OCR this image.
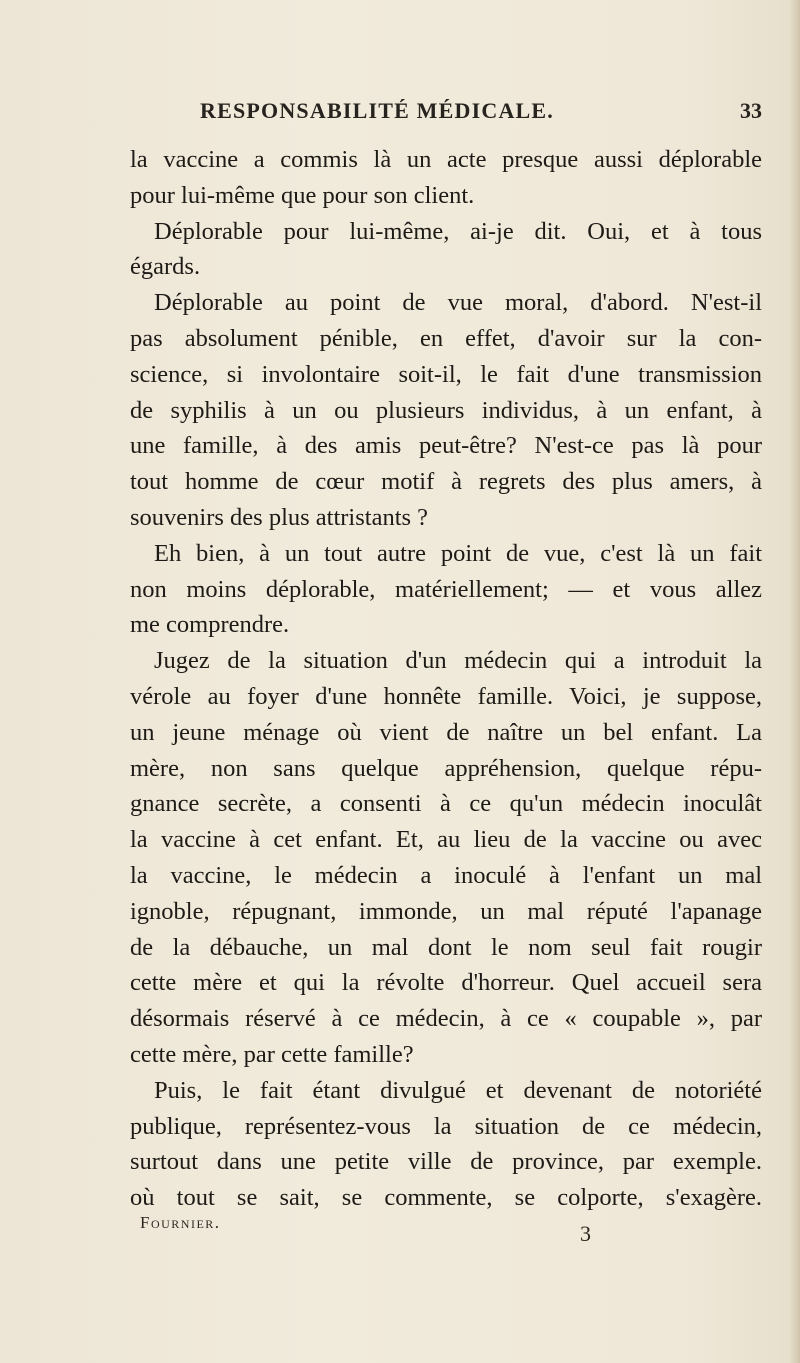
RESPONSABILITÉ MÉDICALE.	33
la vaccine a commis là un acte presque aussi déplorable
pour lui-même que pour son client.
Déplorable pour lui-même, ai-je dit. Oui, et à tous
égards.
Déplorable au point de vue moral, d'abord. N'est-il
pas absolument pénible, en effet, d'avoir sur la con-
science, si involontaire soit-il, le fait d'une transmission
de syphilis à un ou plusieurs individus, à un enfant, à
une famille, à des amis peut-être? N'est-ce pas là pour
tout homme de cœur motif à regrets des plus amers, à
souvenirs des plus attristants ?
Eh bien, à un tout autre point de vue, c'est là un fait
non moins déplorable, matériellement; — et vous allez
me comprendre.
Jugez de la situation d'un médecin qui a introduit la
vérole au foyer d'une honnête famille. Voici, je suppose,
un jeune ménage où vient de naître un bel enfant. La
mère, non sans quelque appréhension, quelque répu-
gnance secrète, a consenti à ce qu'un médecin inoculât
la vaccine à cet enfant. Et, au lieu de la vaccine ou avec
la vaccine, le médecin a inoculé à l'enfant un mal
ignoble, répugnant, immonde, un mal réputé l'apanage
de la débauche, un mal dont le nom seul fait rougir
cette mère et qui la révolte d'horreur. Quel accueil sera
désormais réservé à ce médecin, à ce « coupable », par
cette mère, par cette famille?
Puis, le fait étant divulgué et devenant de notoriété
publique, représentez-vous la situation de ce médecin,
surtout dans une petite ville de province, par exemple.
où tout se sait, se commente, se colporte, s'exagère.
Fournier.	3
